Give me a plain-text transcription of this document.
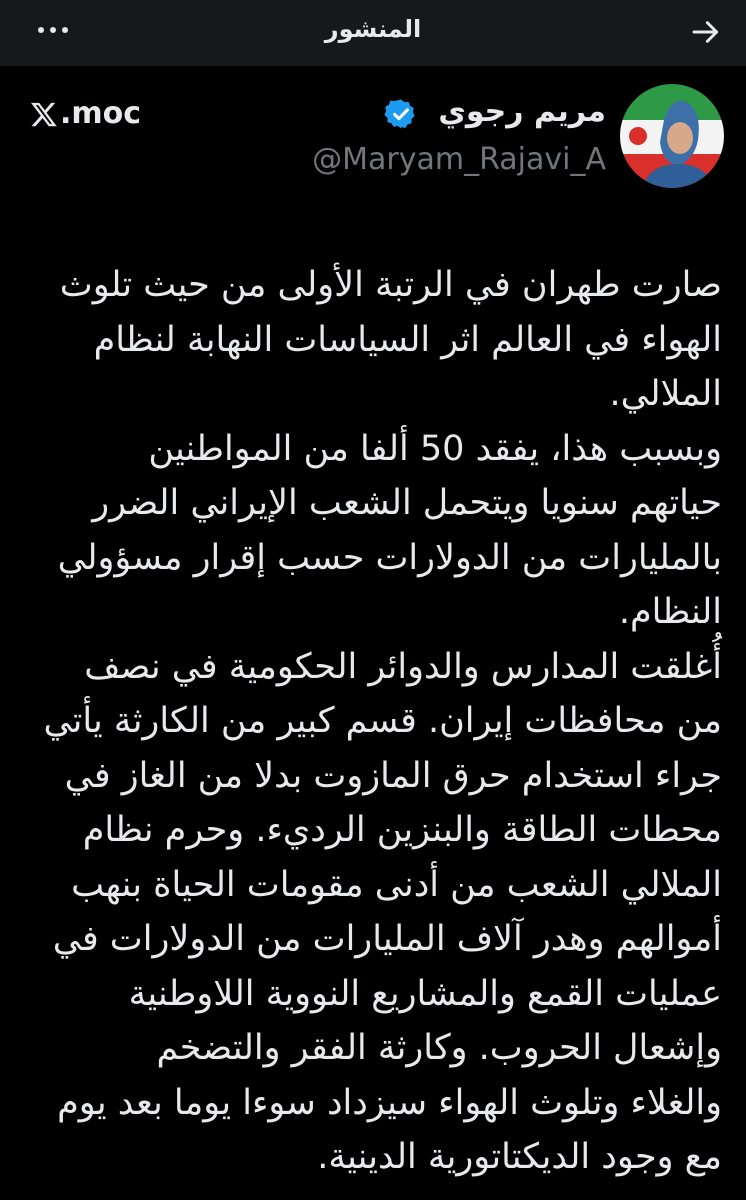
المنشور
com.	مريم رجوي
@Maryam_Rajavi_A
صارت طهران في الرتبة الأولى من حيث تلوث
الهواء في العالم اثر السياسات النهابة لنظام
الملالي.
وبسبب هذا، يفقد 50 ألفا من المواطنين
حياتهم سنويا ويتحمل الشعب الإيراني الضرر
بالمليارات من الدولارات حسب إقرار مسؤولي
النظام.
أُغلقت المدارس والدوائر الحكومية في نصف
من محافظات إيران. قسم كبير من الكارثة يأتي
جراء استخدام حرق المازوت بدلا من الغاز في
محطات الطاقة والبنزين الرديء. وحرم نظام
الملالي الشعب من أدنى مقومات الحياة بنهب
أموالهم وهدر آلاف المليارات من الدولارات في
عمليات القمع والمشاريع النووية اللاوطنية
وإشعال الحروب. وكارثة الفقر والتضخم
والغلاء وتلوث الهواء سيزداد سوءا يوما بعد يوم
مع وجود الديكتاتورية الدينية.
